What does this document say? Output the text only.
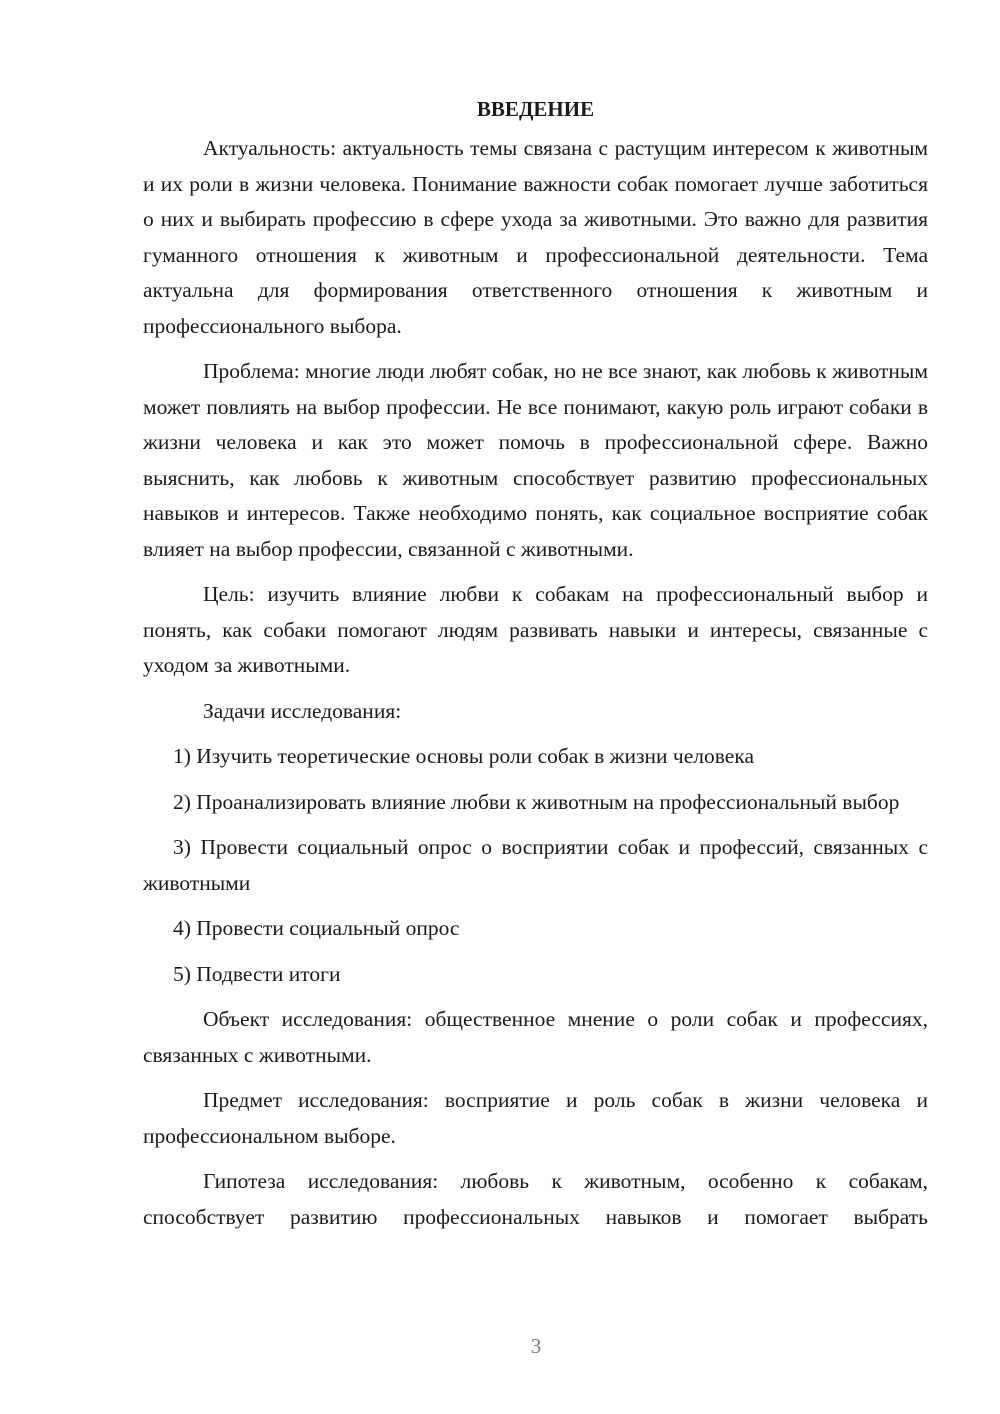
ВВЕДЕНИЕ

Актуальность: актуальность темы связана с растущим интересом к животным и их роли в жизни человека. Понимание важности собак помогает лучше заботиться о них и выбирать профессию в сфере ухода за животными. Это важно для развития гуманного отношения к животным и профессиональной деятельности. Тема актуальна для формирования ответственного отношения к животным и профессионального выбора.

Проблема: многие люди любят собак, но не все знают, как любовь к животным может повлиять на выбор профессии. Не все понимают, какую роль играют собаки в жизни человека и как это может помочь в профессиональной сфере. Важно выяснить, как любовь к животным способствует развитию профессиональных навыков и интересов. Также необходимо понять, как социальное восприятие собак влияет на выбор профессии, связанной с животными.

Цель: изучить влияние любви к собакам на профессиональный выбор и понять, как собаки помогают людям развивать навыки и интересы, связанные с уходом за животными.

Задачи исследования:

1) Изучить теоретические основы роли собак в жизни человека

2) Проанализировать влияние любви к животным на профессиональный выбор

3) Провести социальный опрос о восприятии собак и профессий, связанных с животными

4) Провести социальный опрос

5) Подвести итоги

Объект исследования: общественное мнение о роли собак и профессиях, связанных с животными.

Предмет исследования: восприятие и роль собак в жизни человека и профессиональном выборе.

Гипотеза исследования: любовь к животным, особенно к собакам, способствует развитию профессиональных навыков и помогает выбрать

3
